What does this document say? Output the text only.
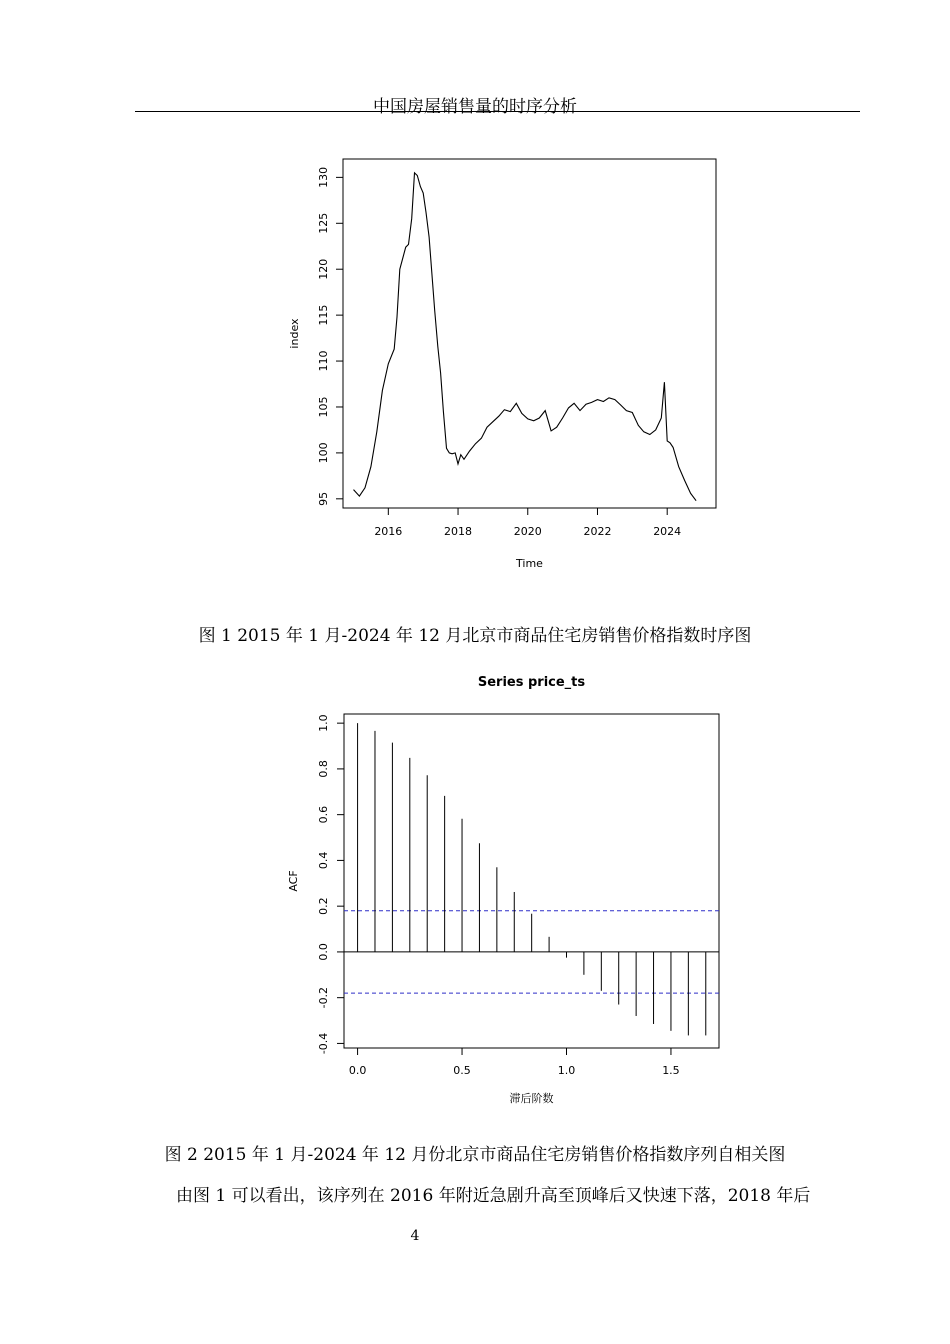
中国房屋销售量的时序分析
2016	2018	2020	2022	2024
95
100
105
110
115
120
125
130
Time
index
图 1 2015 年 1 月-2024 年 12 月北京市商品住宅房销售价格指数时序图
Series price_ts
0.0	0.5	1.0	1.5
-0.4
-0.2
0.0
0.2
0.4
0.6
0.8
1.0
滞后阶数
ACF
图 2 2015 年 1 月-2024 年 12 月份北京市商品住宅房销售价格指数序列自相关图
由图 1 可以看出，该序列在 2016 年附近急剧升高至顶峰后又快速下落，2018 年后
4
